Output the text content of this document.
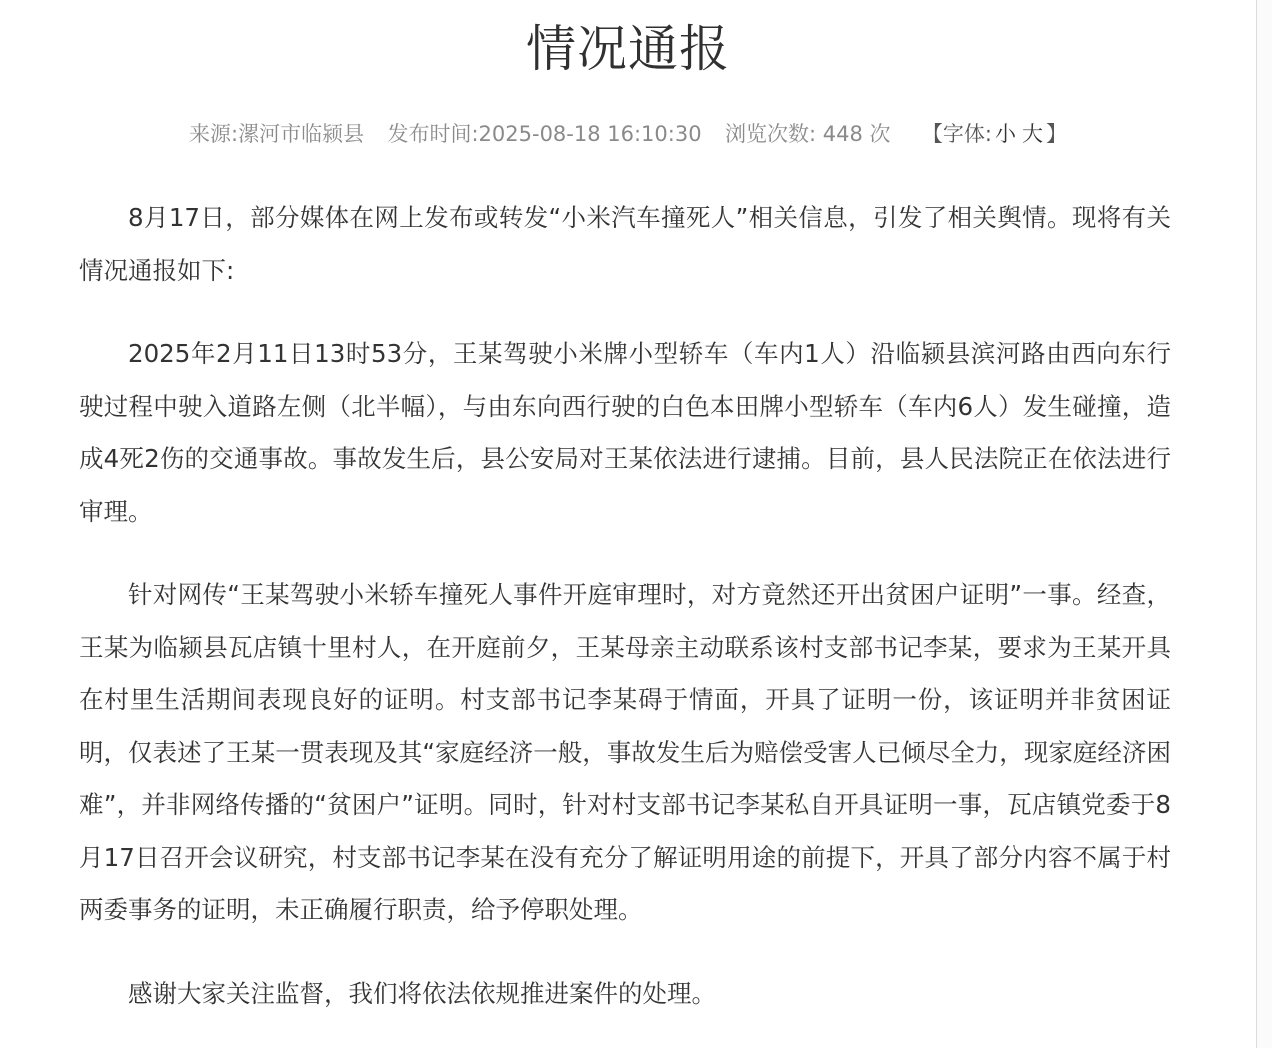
情况通报
来源:漯河市临颍县 发布时间:2025-08-18 16:10:30 浏览次数: 448 次 【字体: 小 大 】

8月17日，部分媒体在网上发布或转发“小米汽车撞死人”相关信息，引发了相关舆情。现将有关情况通报如下:

2025年2月11日13时53分，王某驾驶小米牌小型轿车（车内1人）沿临颍县滨河路由西向东行驶过程中驶入道路左侧（北半幅），与由东向西行驶的白色本田牌小型轿车（车内6人）发生碰撞，造成4死2伤的交通事故。事故发生后，县公安局对王某依法进行逮捕。目前，县人民法院正在依法进行审理。

针对网传“王某驾驶小米轿车撞死人事件开庭审理时，对方竟然还开出贫困户证明”一事。经查，王某为临颍县瓦店镇十里村人，在开庭前夕，王某母亲主动联系该村支部书记李某，要求为王某开具在村里生活期间表现良好的证明。村支部书记李某碍于情面，开具了证明一份，该证明并非贫困证明，仅表述了王某一贯表现及其“家庭经济一般，事故发生后为赔偿受害人已倾尽全力，现家庭经济困难”，并非网络传播的“贫困户”证明。同时，针对村支部书记李某私自开具证明一事，瓦店镇党委于8月17日召开会议研究，村支部书记李某在没有充分了解证明用途的前提下，开具了部分内容不属于村两委事务的证明，未正确履行职责，给予停职处理。

感谢大家关注监督，我们将依法依规推进案件的处理。
